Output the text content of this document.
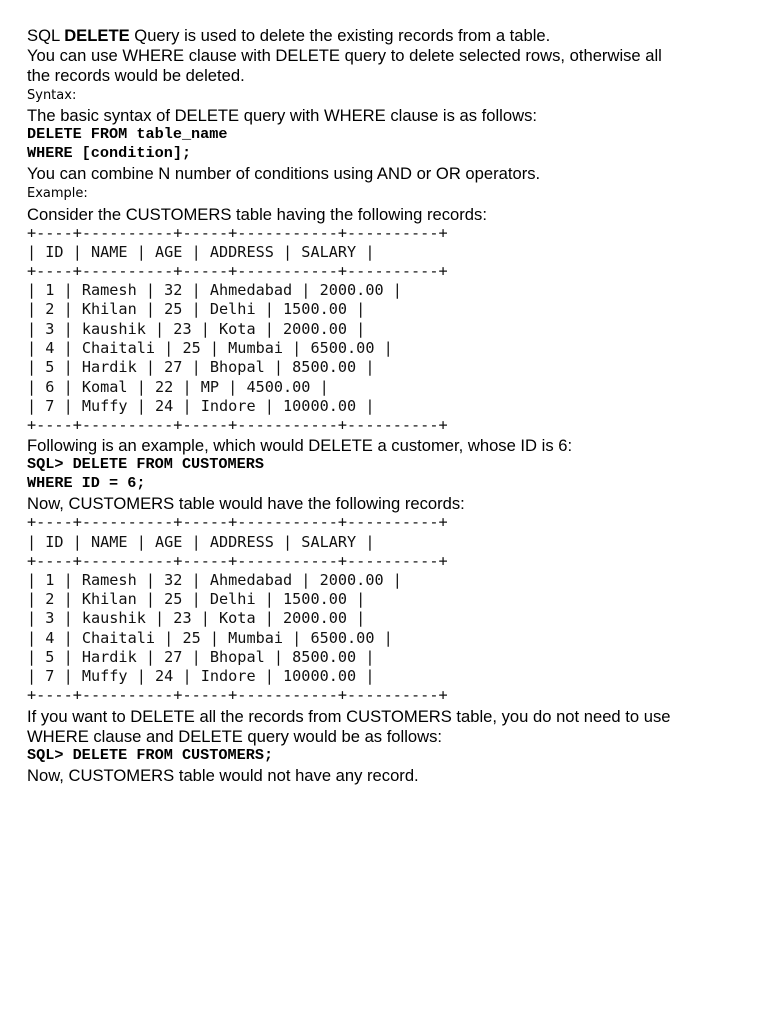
SQL DELETE Query is used to delete the existing records from a table.

You can use WHERE clause with DELETE query to delete selected rows, otherwise all

the records would be deleted.

Syntax:

The basic syntax of DELETE query with WHERE clause is as follows:

DELETE FROM table_name

WHERE [condition];

You can combine N number of conditions using AND or OR operators.

Example:

Consider the CUSTOMERS table having the following records:

+----+----------+-----+-----------+----------+

| ID | NAME | AGE | ADDRESS | SALARY |

+----+----------+-----+-----------+----------+

| 1 | Ramesh | 32 | Ahmedabad | 2000.00 |

| 2 | Khilan | 25 | Delhi | 1500.00 |

| 3 | kaushik | 23 | Kota | 2000.00 |

| 4 | Chaitali | 25 | Mumbai | 6500.00 |

| 5 | Hardik | 27 | Bhopal | 8500.00 |

| 6 | Komal | 22 | MP | 4500.00 |

| 7 | Muffy | 24 | Indore | 10000.00 |

+----+----------+-----+-----------+----------+

Following is an example, which would DELETE a customer, whose ID is 6:

SQL> DELETE FROM CUSTOMERS

WHERE ID = 6;

Now, CUSTOMERS table would have the following records:

+----+----------+-----+-----------+----------+

| ID | NAME | AGE | ADDRESS | SALARY |

+----+----------+-----+-----------+----------+

| 1 | Ramesh | 32 | Ahmedabad | 2000.00 |

| 2 | Khilan | 25 | Delhi | 1500.00 |

| 3 | kaushik | 23 | Kota | 2000.00 |

| 4 | Chaitali | 25 | Mumbai | 6500.00 |

| 5 | Hardik | 27 | Bhopal | 8500.00 |

| 7 | Muffy | 24 | Indore | 10000.00 |

+----+----------+-----+-----------+----------+

If you want to DELETE all the records from CUSTOMERS table, you do not need to use

WHERE clause and DELETE query would be as follows:

SQL> DELETE FROM CUSTOMERS;

Now, CUSTOMERS table would not have any record.
